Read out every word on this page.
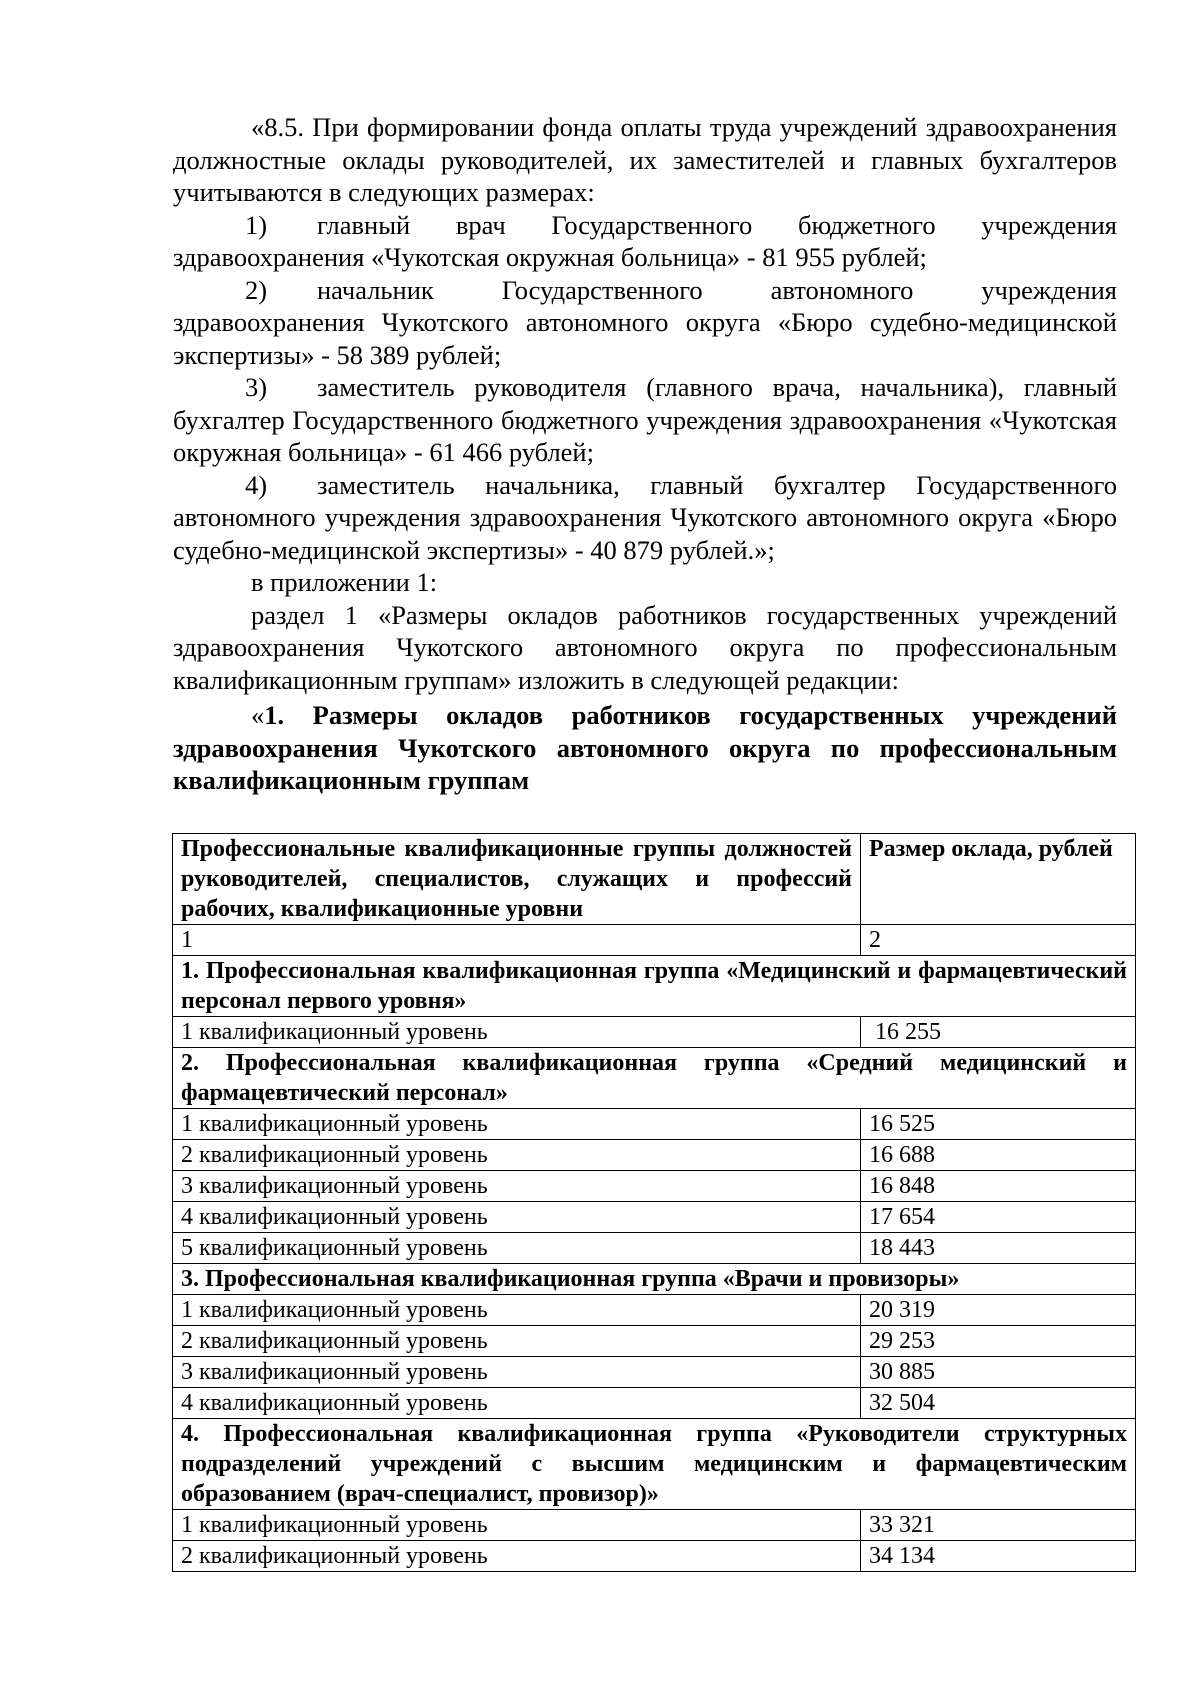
«8.5. При формировании фонда оплаты труда учреждений здравоохранения должностные оклады руководителей, их заместителей и главных бухгалтеров учитываются в следующих размерах:

1) главный врач Государственного бюджетного учреждения здравоохранения «Чукотская окружная больница» - 81 955 рублей;

2) начальник Государственного автономного учреждения здравоохранения Чукотского автономного округа «Бюро судебно-медицинской экспертизы» - 58 389 рублей;

3) заместитель руководителя (главного врача, начальника), главный бухгалтер Государственного бюджетного учреждения здравоохранения «Чукотская окружная больница» - 61 466 рублей;

4) заместитель начальника, главный бухгалтер Государственного автономного учреждения здравоохранения Чукотского автономного округа «Бюро судебно-медицинской экспертизы» - 40 879 рублей.»;

в приложении 1:

раздел 1 «Размеры окладов работников государственных учреждений здравоохранения Чукотского автономного округа по профессиональным квалификационным группам» изложить в следующей редакции:

«1. Размеры окладов работников государственных учреждений здравоохранения Чукотского автономного округа по профессиональным квалификационным группам

Профессиональные квалификационные группы должностей руководителей, специалистов, служащих и профессий рабочих, квалификационные уровни	Размер оклада, рублей
1	2
1. Профессиональная квалификационная группа «Медицинский и фармацевтический персонал первого уровня»	
1 квалификационный уровень	16 255
2. Профессиональная квалификационная группа «Средний медицинский и фармацевтический персонал»	
1 квалификационный уровень	16 525
2 квалификационный уровень	16 688
3 квалификационный уровень	16 848
4 квалификационный уровень	17 654
5 квалификационный уровень	18 443
3. Профессиональная квалификационная группа «Врачи и провизоры»	
1 квалификационный уровень	20 319
2 квалификационный уровень	29 253
3 квалификационный уровень	30 885
4 квалификационный уровень	32 504
4. Профессиональная квалификационная группа «Руководители структурных подразделений учреждений с высшим медицинским и фармацевтическим образованием (врач-специалист, провизор)»	
1 квалификационный уровень	33 321
2 квалификационный уровень	34 134
